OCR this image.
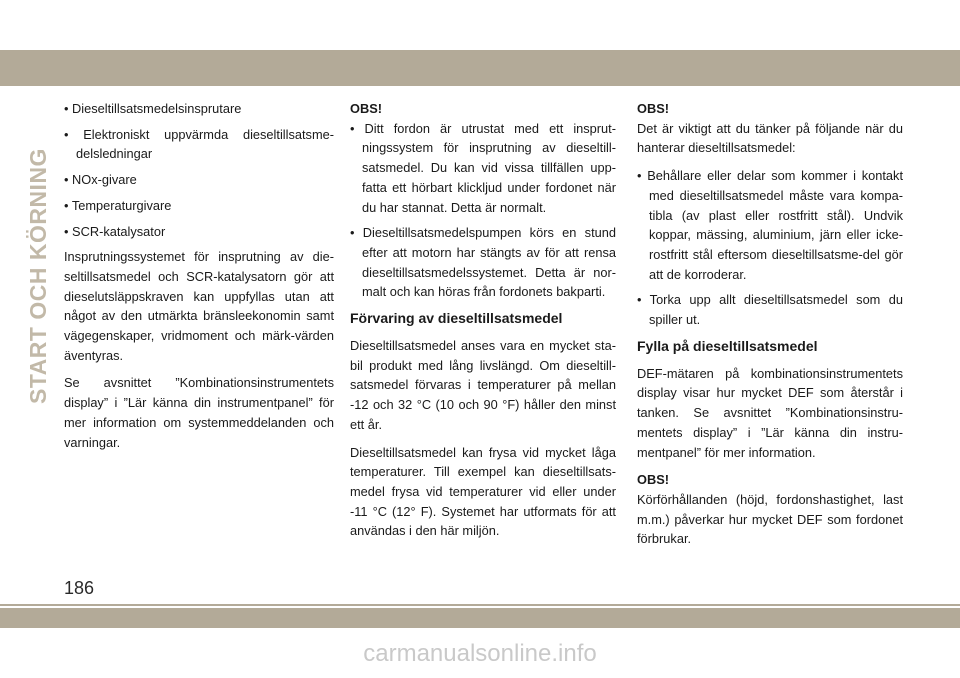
START OCH KÖRNING
• Dieseltillsatsmedelsinsprutare
• Elektroniskt uppvärmda dieseltillsatsme-delsledningar
• NOx-givare
• Temperaturgivare
• SCR-katalysator

Insprutningssystemet för insprutning av die-seltillsatsmedel och SCR-katalysatorn gör att dieselutsläppskraven kan uppfyllas utan att något av den utmärkta bränsleekonomin samt vägegenskaper, vridmoment och märk-värden äventyras.

Se avsnittet ”Kombinationsinstrumentets display” i ”Lär känna din instrumentpanel” för mer information om systemmeddelanden och varningar.

OBS!
• Ditt fordon är utrustat med ett insprut-ningssystem för insprutning av dieseltill-satsmedel. Du kan vid vissa tillfällen upp-fatta ett hörbart klickljud under fordonet när du har stannat. Detta är normalt.
• Dieseltillsatsmedelspumpen körs en stund efter att motorn har stängts av för att rensa dieseltillsatsmedelssystemet. Detta är nor-malt och kan höras från fordonets bakparti.
Förvaring av dieseltillsatsmedel

Dieseltillsatsmedel anses vara en mycket sta-bil produkt med lång livslängd. Om dieseltill-satsmedel förvaras i temperaturer på mellan -12 och 32 °C (10 och 90 °F) håller den minst ett år.

Dieseltillsatsmedel kan frysa vid mycket låga temperaturer. Till exempel kan dieseltillsats-medel frysa vid temperaturer vid eller under -11 °C (12° F). Systemet har utformats för att användas i den här miljön.

OBS!

Det är viktigt att du tänker på följande när du hanterar dieseltillsatsmedel:

• Behållare eller delar som kommer i kontakt med dieseltillsatsmedel måste vara kompa-tibla (av plast eller rostfritt stål). Undvik koppar, mässing, aluminium, järn eller icke-rostfritt stål eftersom dieseltillsatsme-del gör att de korroderar.
• Torka upp allt dieseltillsatsmedel som du spiller ut.
Fylla på dieseltillsatsmedel

DEF-mätaren på kombinationsinstrumentets display visar hur mycket DEF som återstår i tanken. Se avsnittet ”Kombinationsinstru-mentets display” i ”Lär känna din instru-mentpanel” för mer information.

OBS!

Körförhållanden (höjd, fordonshastighet, last m.m.) påverkar hur mycket DEF som fordonet förbrukar.

186
carmanualsonline.info
